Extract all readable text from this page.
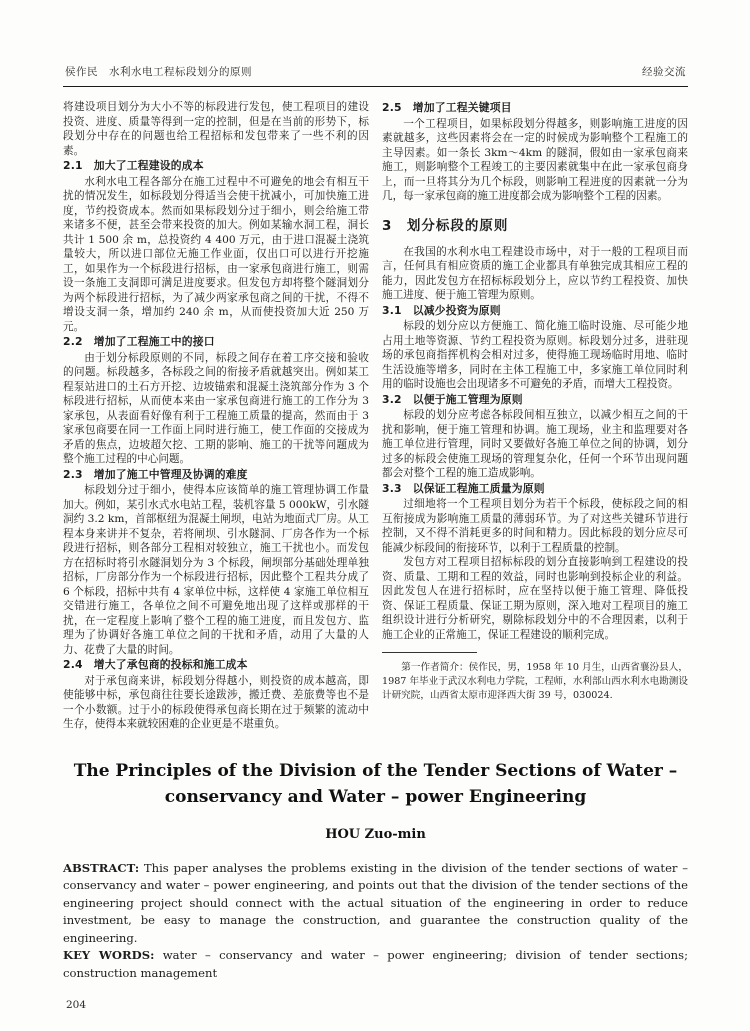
侯作民　水利水电工程标段划分的原则	经验交流
将建设项目划分为大小不等的标段进行发包，使工程项目的建设投资、进度、质量等得到一定的控制，但是在当前的形势下，标段划分中存在的问题也给工程招标和发包带来了一些不利的因素。
2.1　加大了工程建设的成本
水利水电工程各部分在施工过程中不可避免的地会有相互干扰的情况发生，如标段划分得适当会使干扰减小，可加快施工进度，节约投资成本。然而如果标段划分过于细小，则会给施工带来诸多不便，甚至会带来投资的加大。例如某输水洞工程，洞长共计 1 500 余 m，总投资约 4 400 万元，由于进口混凝土浇筑量较大，所以进口部位无施工作业面，仅出口可以进行开挖施工，如果作为一个标段进行招标，由一家承包商进行施工，则需设一条施工支洞即可满足进度要求。但发包方却将整个隧洞划分为两个标段进行招标，为了减少两家承包商之间的干扰，不得不增设支洞一条，增加约 240 余 m，从而使投资加大近 250 万元。
2.2　增加了工程施工中的接口
由于划分标段原则的不同，标段之间存在着工序交接和验收的问题。标段越多，各标段之间的衔接矛盾就越突出。例如某工程泵站进口的土石方开挖、边坡锚索和混凝土浇筑部分作为 3 个标段进行招标，从而使本来由一家承包商进行施工的工作分为 3 家承包，从表面看好像有利于工程施工质量的提高，然而由于 3 家承包商要在同一工作面上同时进行施工，使工作面的交接成为矛盾的焦点，边坡超欠挖、工期的影响、施工的干扰等问题成为整个施工过程的中心问题。
2.3　增加了施工中管理及协调的难度
标段划分过于细小，使得本应该简单的施工管理协调工作量加大。例如，某引水式水电站工程，装机容量 5 000kW，引水隧洞约 3.2 km，首部枢纽为混凝土闸坝，电站为地面式厂房。从工程本身来讲并不复杂，若将闸坝、引水隧洞、厂房各作为一个标段进行招标，则各部分工程相对较独立，施工干扰也小。而发包方在招标时将引水隧洞划分为 3 个标段，闸坝部分基础处理单独招标，厂房部分作为一个标段进行招标，因此整个工程共分成了 6 个标段，招标中共有 4 家单位中标，这样使 4 家施工单位相互交错进行施工，各单位之间不可避免地出现了这样或那样的干扰，在一定程度上影响了整个工程的施工进度，而且发包方、监理为了协调好各施工单位之间的干扰和矛盾，动用了大量的人力、花费了大量的时间。
2.4　增大了承包商的投标和施工成本
对于承包商来讲，标段划分得越小，则投资的成本越高，即使能够中标，承包商往往要长途跋涉，搬迁费、差旅费等也不是一个小数额。过于小的标段使得承包商长期在过于频繁的流动中生存，使得本来就较困难的企业更是不堪重负。
2.5　增加了工程关键项目
一个工程项目，如果标段划分得越多，则影响施工进度的因素就越多，这些因素将会在一定的时候成为影响整个工程施工的主导因素。如一条长 3km～4km 的隧洞，假如由一家承包商来施工，则影响整个工程竣工的主要因素就集中在此一家承包商身上，而一旦将其分为几个标段，则影响工程进度的因素就一分为几，每一家承包商的施工进度都会成为影响整个工程的因素。
3　划分标段的原则
在我国的水利水电工程建设市场中，对于一般的工程项目而言，任何具有相应资质的施工企业都具有单独完成其相应工程的能力，因此发包方在招标标段划分上，应以节约工程投资、加快施工进度、便于施工管理为原则。
3.1　以减少投资为原则
标段的划分应以方便施工、简化施工临时设施、尽可能少地占用土地等资源、节约工程投资为原则。标段划分过多，进驻现场的承包商指挥机构会相对过多，使得施工现场临时用地、临时生活设施等增多，同时在主体工程施工中，多家施工单位同时利用的临时设施也会出现诸多不可避免的矛盾，而增大工程投资。
3.2　以便于施工管理为原则
标段的划分应考虑各标段间相互独立，以减少相互之间的干扰和影响，便于施工管理和协调。施工现场，业主和监理要对各施工单位进行管理，同时又要做好各施工单位之间的协调，划分过多的标段会使施工现场的管理复杂化，任何一个环节出现问题都会对整个工程的施工造成影响。
3.3　以保证工程施工质量为原则
过细地将一个工程项目划分为若干个标段，使标段之间的相互衔接成为影响施工质量的薄弱环节。为了对这些关键环节进行控制，又不得不消耗更多的时间和精力。因此标段的划分应尽可能减少标段间的衔接环节，以利于工程质量的控制。
发包方对工程项目招标标段的划分直接影响到工程建设的投资、质量、工期和工程的效益，同时也影响到投标企业的利益。因此发包人在进行招标时，应在坚持以便于施工管理、降低投资、保证工程质量、保证工期为原则，深入地对工程项目的施工组织设计进行分析研究，剔除标段划分中的不合理因素，以利于施工企业的正常施工，保证工程建设的顺利完成。
第一作者简介：侯作民，男，1958 年 10 月生，山西省襄汾县人，1987 年毕业于武汉水利电力学院，工程师，水利部山西水利水电勘测设计研究院，山西省太原市迎泽西大街 39 号，030024.
The Principles of the Division of the Tender Sections of Water – conservancy and Water – power Engineering
HOU Zuo-min

ABSTRACT: This paper analyses the problems existing in the division of the tender sections of water – conservancy and water – power engineering, and points out that the division of the tender sections of the engineering project should connect with the actual situation of the engineering in order to reduce investment, be easy to manage the construction, and guarantee the construction quality of the engineering.

KEY WORDS: water – conservancy and water – power engineering; division of tender sections; construction management

204
